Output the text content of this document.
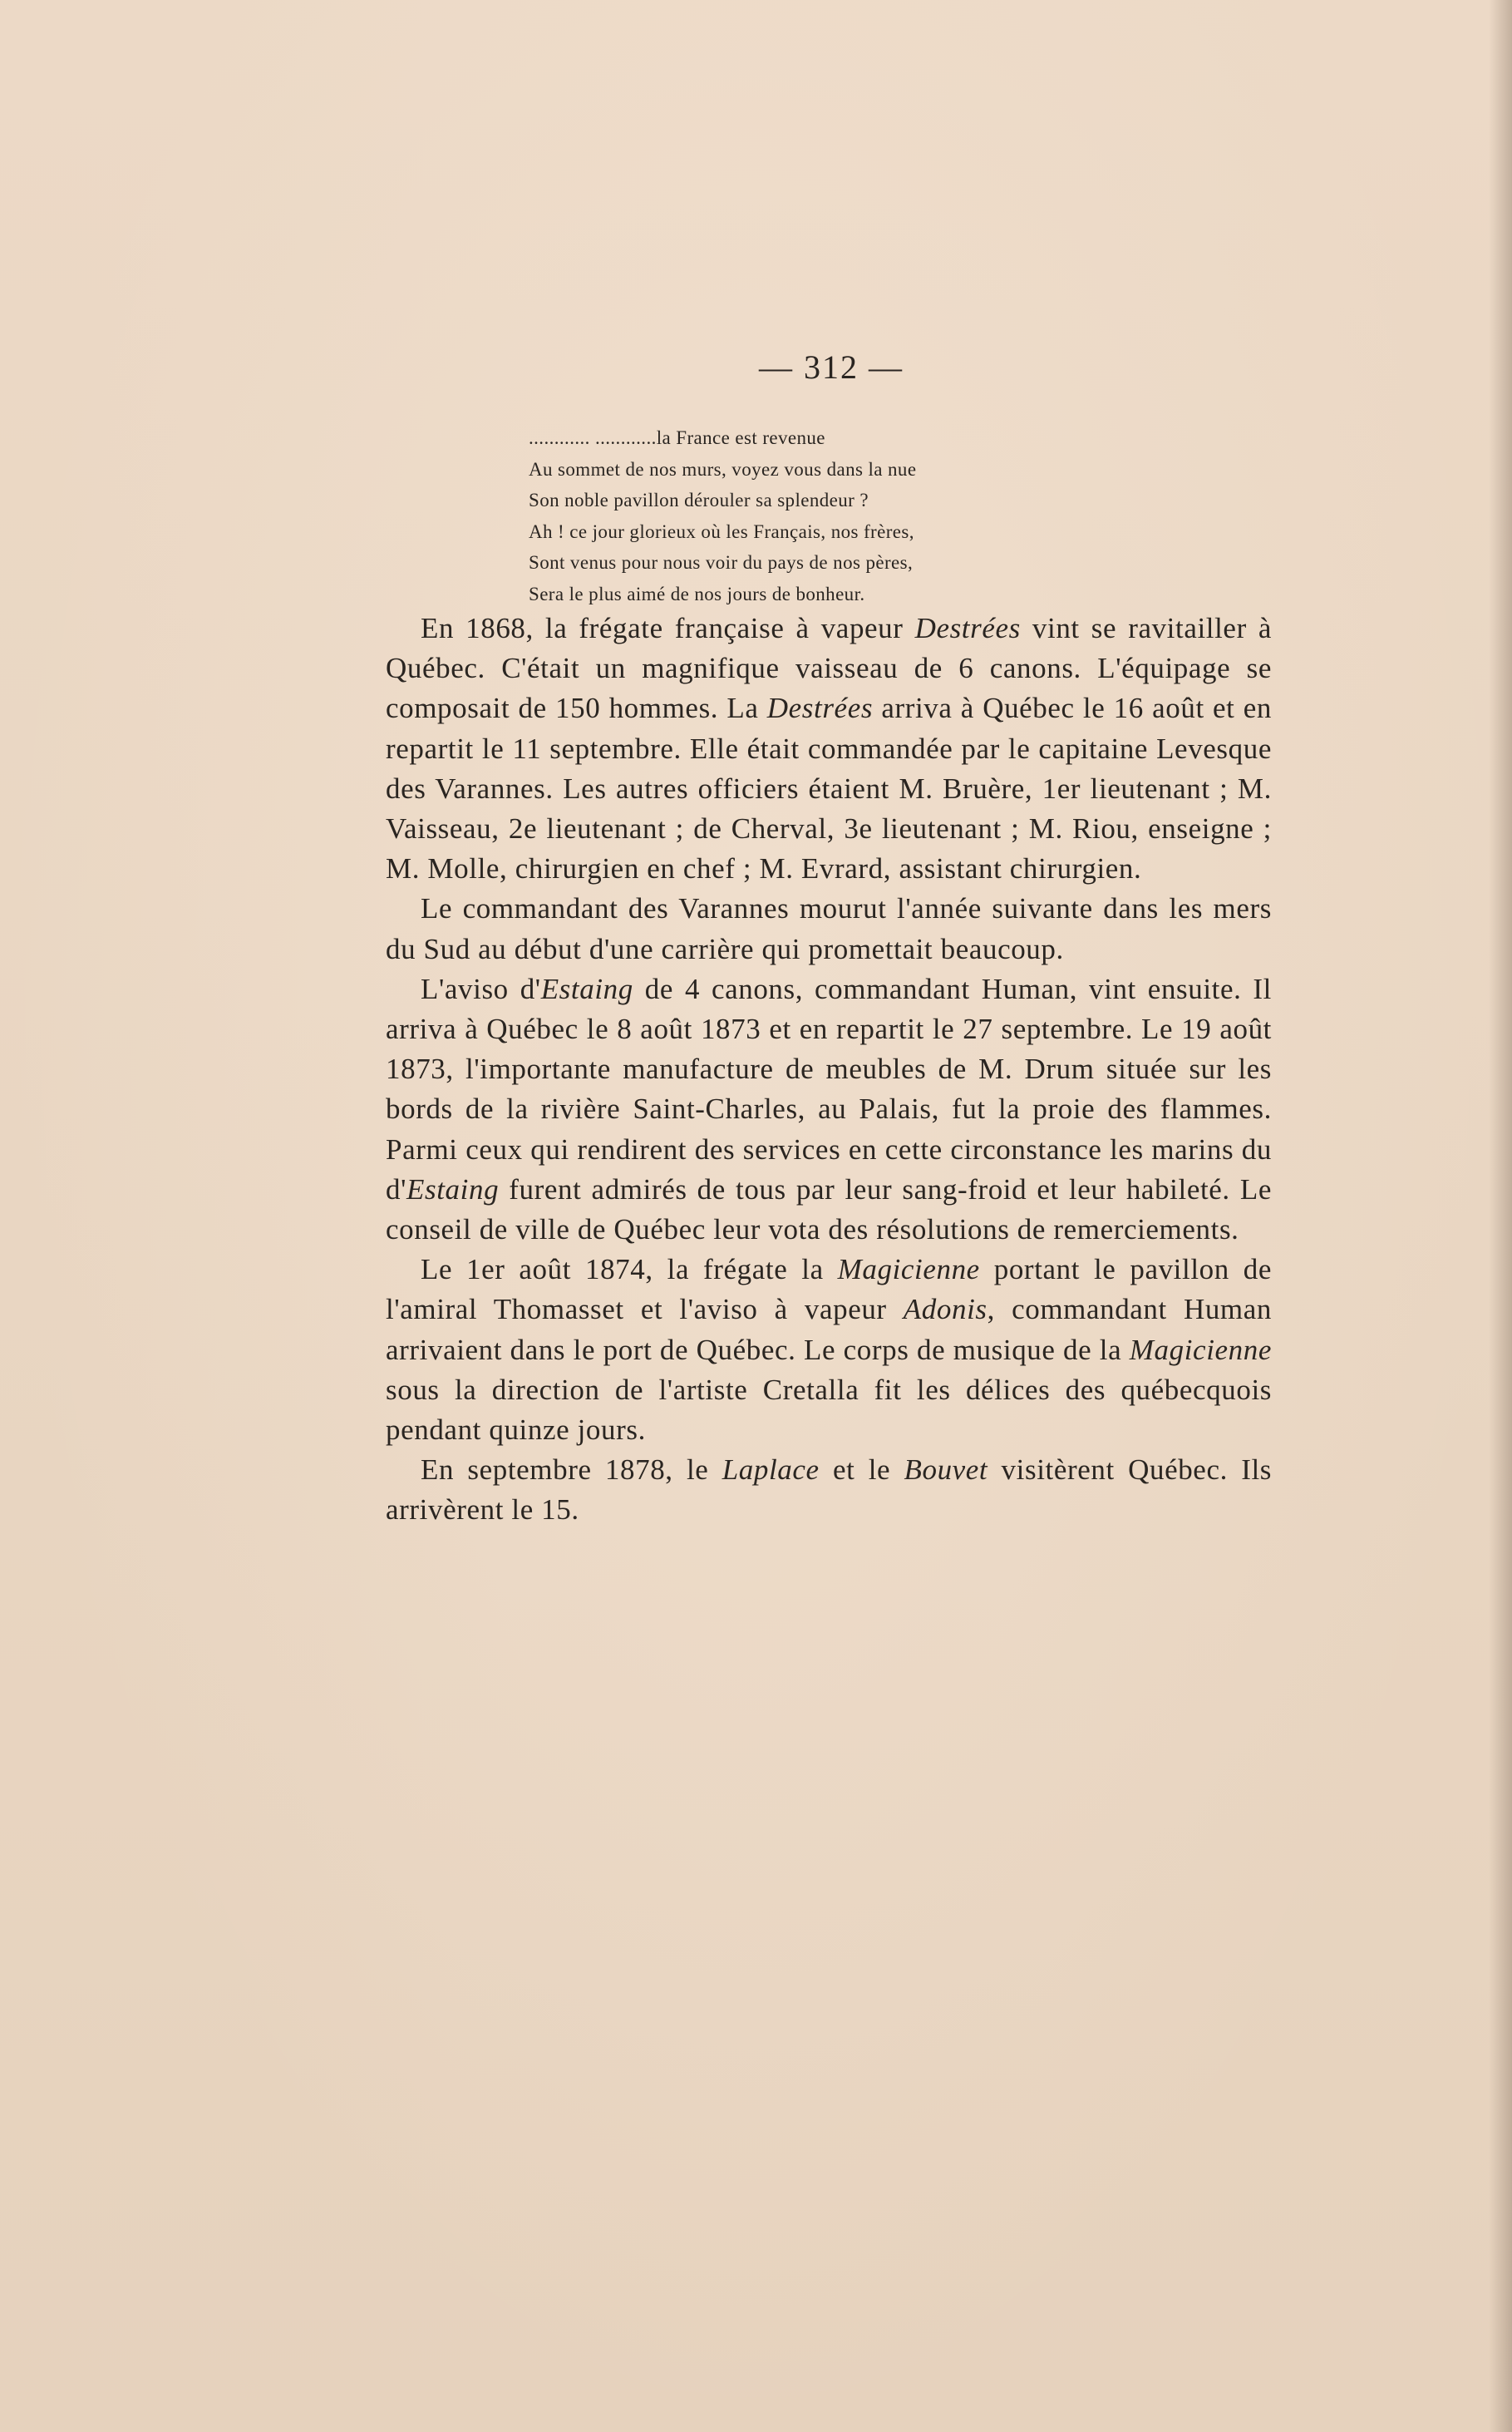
— 312 —
............ ............la France est revenue
Au sommet de nos murs, voyez vous dans la nue
Son noble pavillon dérouler sa splendeur ?
Ah ! ce jour glorieux où les Français, nos frères,
Sont venus pour nous voir du pays de nos pères,
Sera le plus aimé de nos jours de bonheur.

En 1868, la frégate française à vapeur Destrées vint se ravitailler à Québec. C'était un magnifique vaisseau de 6 canons. L'équipage se composait de 150 hommes. La Destrées arriva à Québec le 16 août et en repartit le 11 septembre. Elle était commandée par le capitaine Levesque des Varannes. Les autres officiers étaient M. Bruère, 1er lieutenant ; M. Vaisseau, 2e lieutenant ; de Cherval, 3e lieutenant ; M. Riou, enseigne ; M. Molle, chirurgien en chef ; M. Evrard, assistant chirurgien.

Le commandant des Varannes mourut l'année suivante dans les mers du Sud au début d'une carrière qui promettait beaucoup.

L'aviso d'Estaing de 4 canons, commandant Human, vint ensuite. Il arriva à Québec le 8 août 1873 et en repartit le 27 septembre. Le 19 août 1873, l'importante manufacture de meubles de M. Drum située sur les bords de la rivière Saint-Charles, au Palais, fut la proie des flammes. Parmi ceux qui rendirent des services en cette circonstance les marins du d'Estaing furent admirés de tous par leur sang-froid et leur habileté. Le conseil de ville de Québec leur vota des résolutions de remerciements.

Le 1er août 1874, la frégate la Magicienne portant le pavillon de l'amiral Thomasset et l'aviso à vapeur Adonis, commandant Human arrivaient dans le port de Québec. Le corps de musique de la Magicienne sous la direction de l'artiste Cretalla fit les délices des québecquois pendant quinze jours.

En septembre 1878, le Laplace et le Bouvet visitèrent Québec. Ils arrivèrent le 15.
